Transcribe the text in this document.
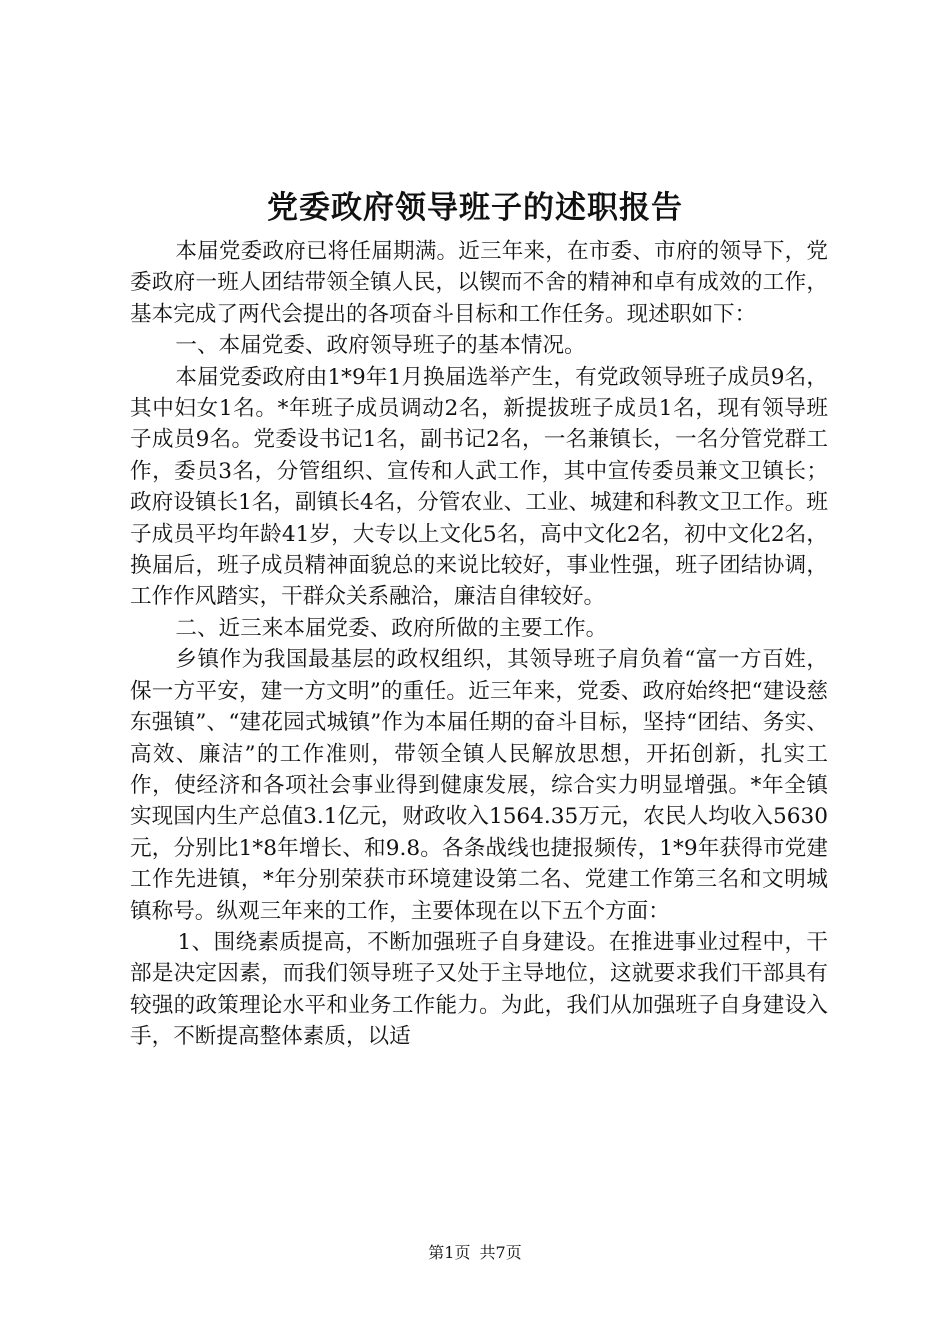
党委政府领导班子的述职报告

本届党委政府已将任届期满。近三年来，在市委、市府的领导下，党委政府一班人团结带领全镇人民，以锲而不舍的精神和卓有成效的工作，基本完成了两代会提出的各项奋斗目标和工作任务。现述职如下：

一、本届党委、政府领导班子的基本情况。

本届党委政府由1*9年1月换届选举产生，有党政领导班子成员9名，其中妇女1名。*年班子成员调动2名，新提拔班子成员1名，现有领导班子成员9名。党委设书记1名，副书记2名，一名兼镇长，一名分管党群工作，委员3名，分管组织、宣传和人武工作，其中宣传委员兼文卫镇长；政府设镇长1名，副镇长4名，分管农业、工业、城建和科教文卫工作。班子成员平均年龄41岁，大专以上文化5名，高中文化2名，初中文化2名，换届后，班子成员精神面貌总的来说比较好，事业性强，班子团结协调，工作作风踏实，干群众关系融洽，廉洁自律较好。

二、近三来本届党委、政府所做的主要工作。

乡镇作为我国最基层的政权组织，其领导班子肩负着“富一方百姓，保一方平安，建一方文明”的重任。近三年来，党委、政府始终把“建设慈东强镇”、“建花园式城镇”作为本届任期的奋斗目标，坚持“团结、务实、高效、廉洁”的工作准则，带领全镇人民解放思想，开拓创新，扎实工作，使经济和各项社会事业得到健康发展，综合实力明显增强。*年全镇实现国内生产总值3.1亿元，财政收入1564.35万元，农民人均收入5630元，分别比1*8年增长、和9.8。各条战线也捷报频传，1*9年获得市党建工作先进镇，*年分别荣获市环境建设第二名、党建工作第三名和文明城镇称号。纵观三年来的工作，主要体现在以下五个方面：

1、围绕素质提高，不断加强班子自身建设。在推进事业过程中，干部是决定因素，而我们领导班子又处于主导地位，这就要求我们干部具有较强的政策理论水平和业务工作能力。为此，我们从加强班子自身建设入手，不断提高整体素质，以适

第1页 共7页
